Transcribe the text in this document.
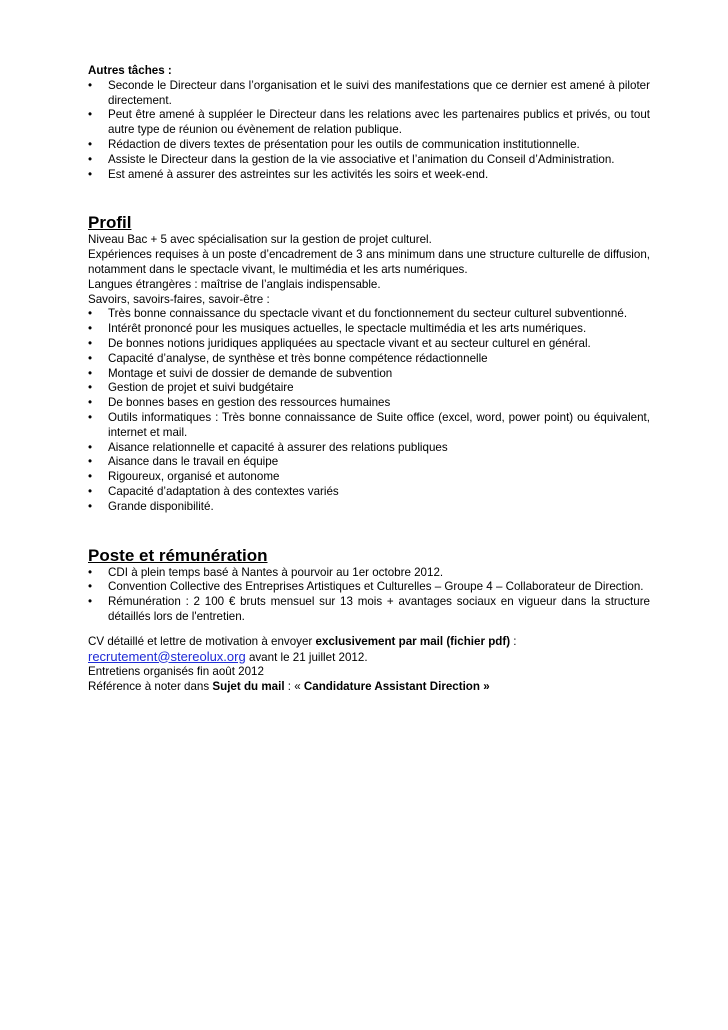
Autres tâches :

• Seconde le Directeur dans l’organisation et le suivi des manifestations que ce dernier est amené à piloter directement.
• Peut être amené à suppléer le Directeur dans les relations avec les partenaires publics et privés, ou tout autre type de réunion ou évènement de relation publique.
• Rédaction de divers textes de présentation pour les outils de communication institutionnelle.
• Assiste le Directeur dans la gestion de la vie associative et l’animation du Conseil d’Administration.
• Est amené à assurer des astreintes sur les activités les soirs et week-end.

Profil

Niveau Bac + 5 avec spécialisation sur la gestion de projet culturel.

Expériences requises à un poste d’encadrement de 3 ans minimum dans une structure culturelle de diffusion, notamment dans le spectacle vivant, le multimédia et les arts numériques.

Langues étrangères : maîtrise de l’anglais indispensable.

Savoirs, savoirs-faires, savoir-être :

• Très bonne connaissance du spectacle vivant et du fonctionnement du secteur culturel subventionné.
• Intérêt prononcé pour les musiques actuelles, le spectacle multimédia et les arts numériques.
• De bonnes notions juridiques appliquées au spectacle vivant et au secteur culturel en général.
• Capacité d’analyse, de synthèse et très bonne compétence rédactionnelle
• Montage et suivi de dossier de demande de subvention
• Gestion de projet et suivi budgétaire
• De bonnes bases en gestion des ressources humaines
• Outils informatiques : Très bonne connaissance de Suite office (excel, word, power point) ou équivalent, internet et mail.
• Aisance relationnelle et capacité à assurer des relations publiques
• Aisance dans le travail en équipe
• Rigoureux, organisé et autonome
• Capacité d’adaptation à des contextes variés
• Grande disponibilité.

Poste et rémunération

• CDI à plein temps basé à Nantes à pourvoir au 1er octobre 2012.
• Convention Collective des Entreprises Artistiques et Culturelles – Groupe 4 – Collaborateur de Direction.
• Rémunération : 2 100 € bruts mensuel sur 13 mois + avantages sociaux en vigueur dans la structure détaillés lors de l'entretien.

CV détaillé et lettre de motivation à envoyer exclusivement par mail (fichier pdf) :

recrutement@stereolux.org avant le 21 juillet 2012.

Entretiens organisés fin août 2012

Référence à noter dans Sujet du mail : « Candidature Assistant Direction »
